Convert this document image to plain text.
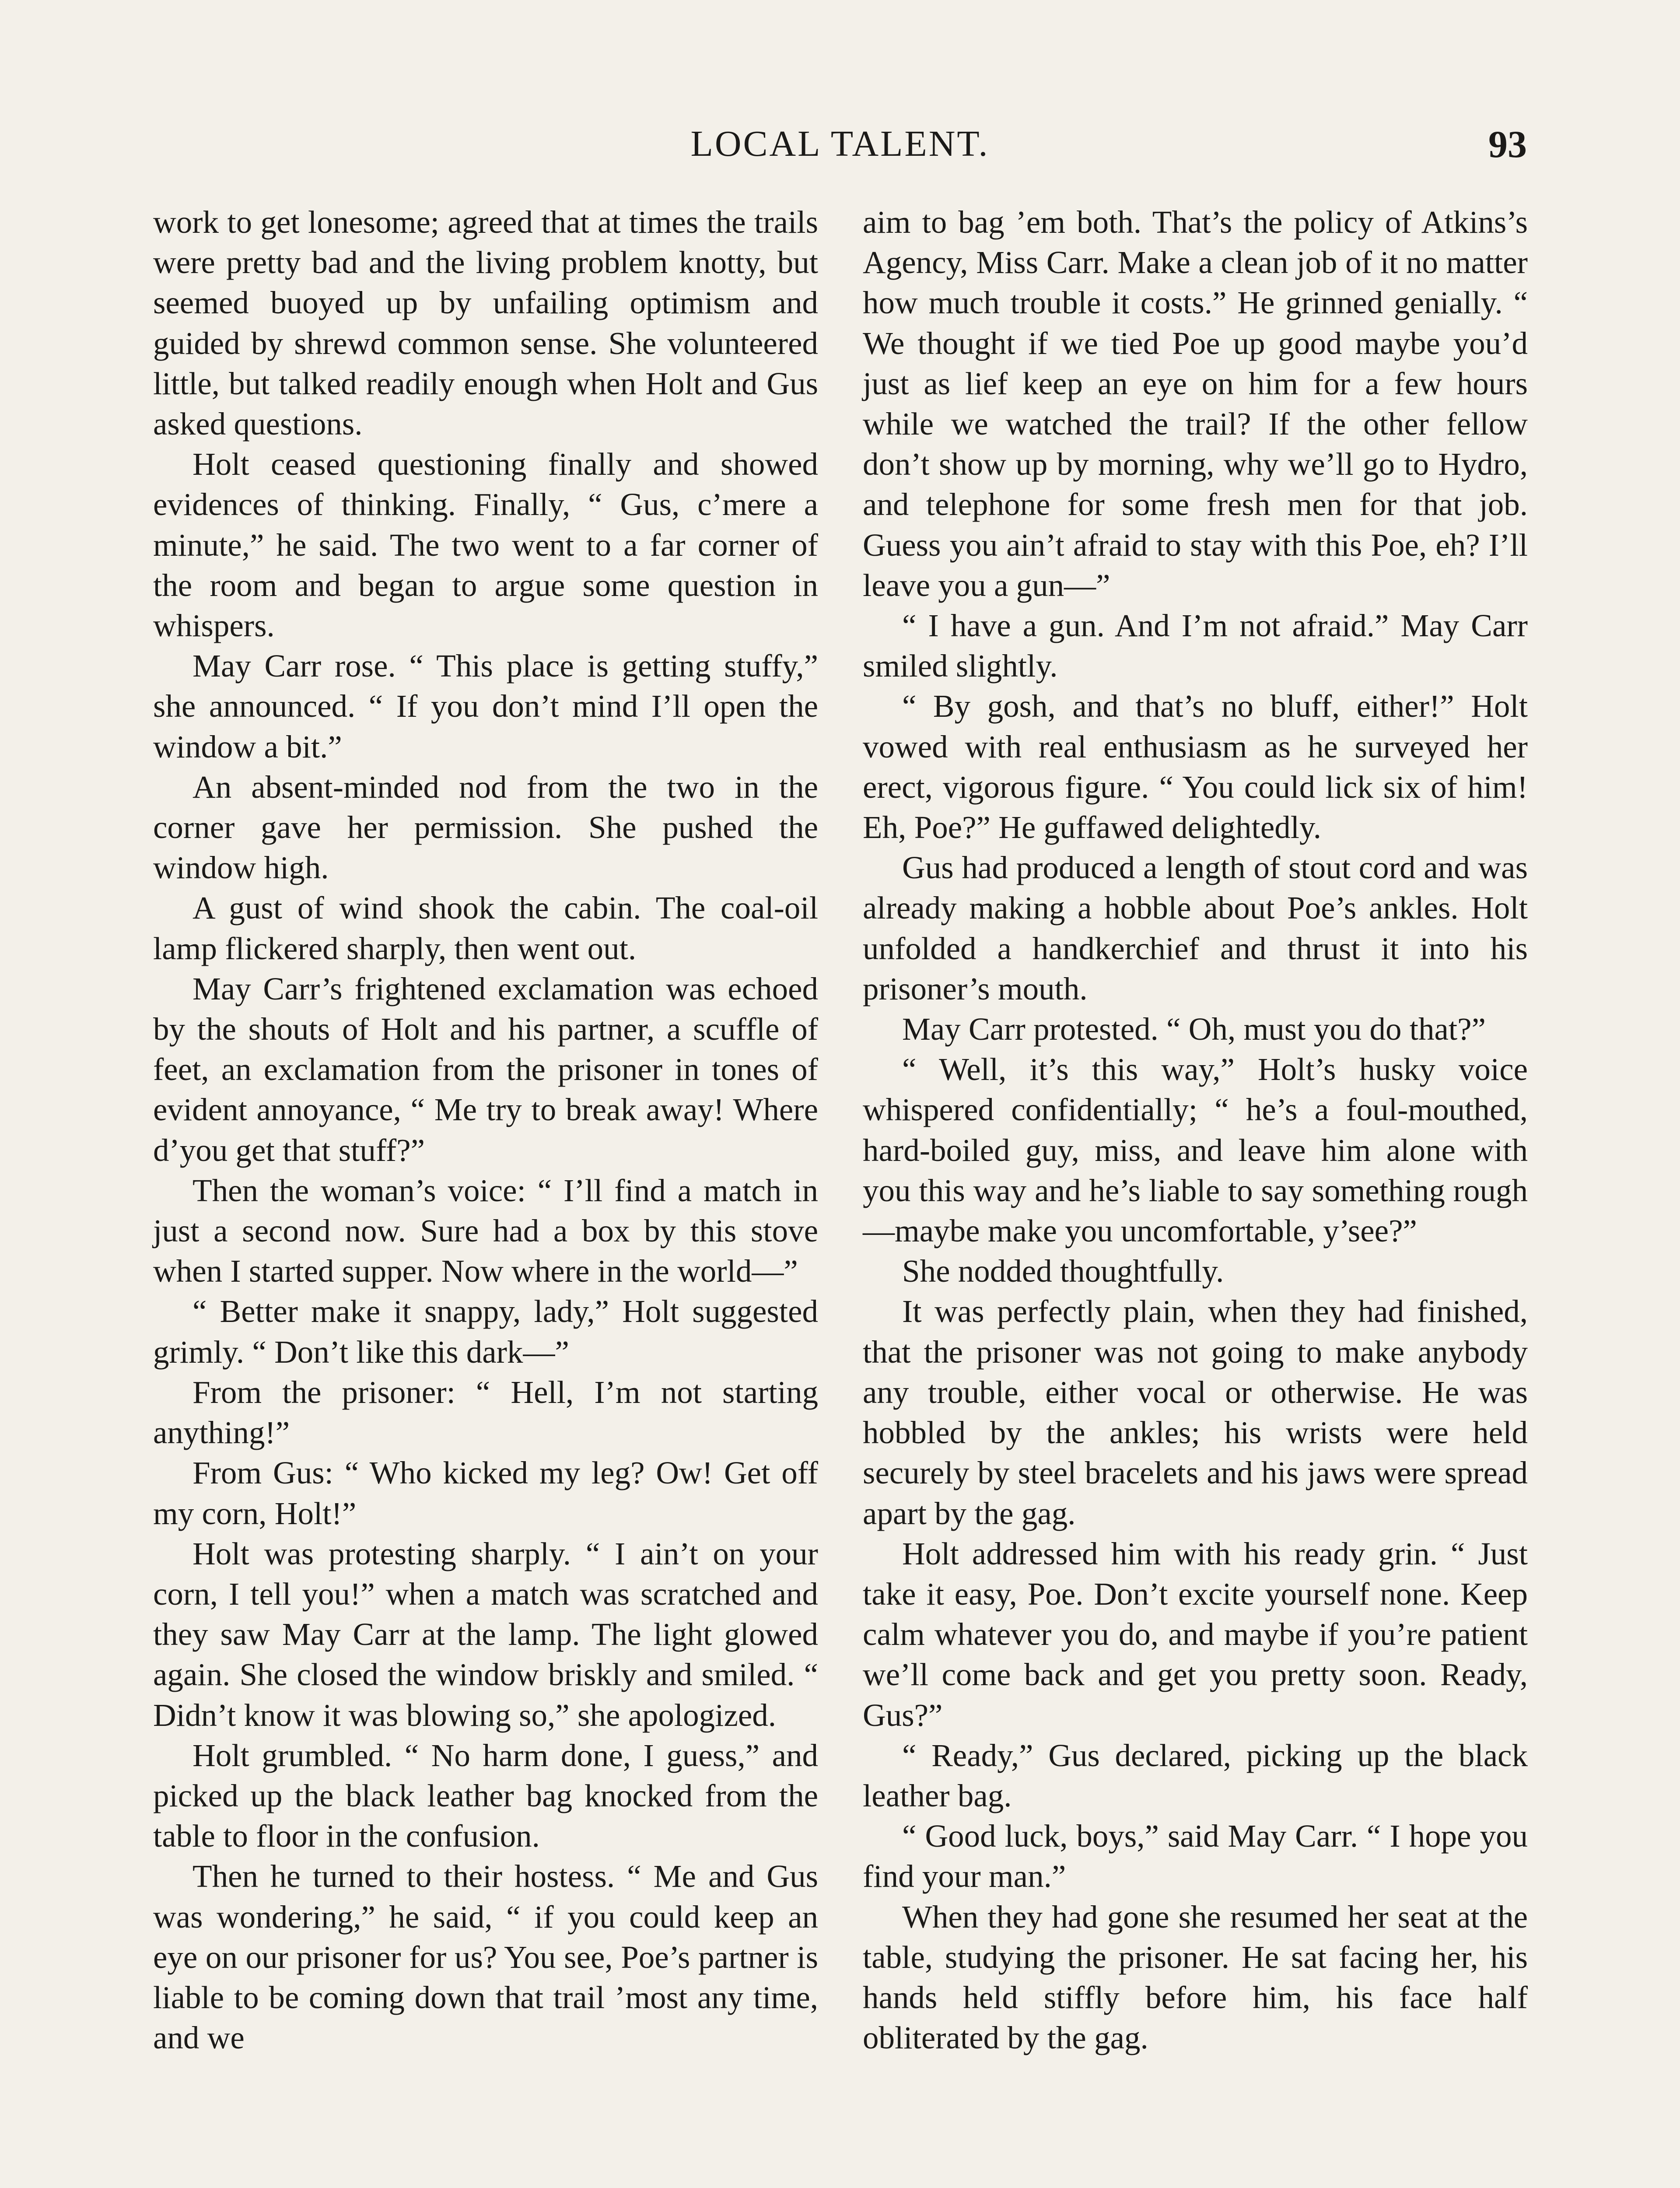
LOCAL TALENT.	93

work to get lonesome; agreed that at times the trails were pretty bad and the living problem knotty, but seemed buoyed up by unfailing optimism and guided by shrewd common sense. She volunteered little, but talked readily enough when Holt and Gus asked questions.

Holt ceased questioning finally and showed evidences of thinking. Finally, “ Gus, c’mere a minute,” he said. The two went to a far corner of the room and began to argue some question in whispers.

May Carr rose. “ This place is getting stuffy,” she announced. “ If you don’t mind I’ll open the window a bit.”

An absent-minded nod from the two in the corner gave her permission. She pushed the window high.

A gust of wind shook the cabin. The coal-oil lamp flickered sharply, then went out.

May Carr’s frightened exclamation was echoed by the shouts of Holt and his partner, a scuffle of feet, an exclamation from the prisoner in tones of evident annoyance, “ Me try to break away! Where d’you get that stuff?”

Then the woman’s voice: “ I’ll find a match in just a second now. Sure had a box by this stove when I started supper. Now where in the world—”

“ Better make it snappy, lady,” Holt suggested grimly. “ Don’t like this dark—”

From the prisoner: “ Hell, I’m not starting anything!”

From Gus: “ Who kicked my leg? Ow! Get off my corn, Holt!”

Holt was protesting sharply. “ I ain’t on your corn, I tell you!” when a match was scratched and they saw May Carr at the lamp. The light glowed again. She closed the window briskly and smiled. “ Didn’t know it was blowing so,” she apologized.

Holt grumbled. “ No harm done, I guess,” and picked up the black leather bag knocked from the table to floor in the confusion.

Then he turned to their hostess. “ Me and Gus was wondering,” he said, “ if you could keep an eye on our prisoner for us? You see, Poe’s partner is liable to be coming down that trail ’most any time, and we

aim to bag ’em both. That’s the policy of Atkins’s Agency, Miss Carr. Make a clean job of it no matter how much trouble it costs.” He grinned genially. “ We thought if we tied Poe up good maybe you’d just as lief keep an eye on him for a few hours while we watched the trail? If the other fellow don’t show up by morning, why we’ll go to Hydro, and telephone for some fresh men for that job. Guess you ain’t afraid to stay with this Poe, eh? I’ll leave you a gun—”

“ I have a gun. And I’m not afraid.” May Carr smiled slightly.

“ By gosh, and that’s no bluff, either!” Holt vowed with real enthusiasm as he surveyed her erect, vigorous figure. “ You could lick six of him! Eh, Poe?” He guffawed delightedly.

Gus had produced a length of stout cord and was already making a hobble about Poe’s ankles. Holt unfolded a handkerchief and thrust it into his prisoner’s mouth.

May Carr protested. “ Oh, must you do that?”

“ Well, it’s this way,” Holt’s husky voice whispered confidentially; “ he’s a foul-mouthed, hard-boiled guy, miss, and leave him alone with you this way and he’s liable to say something rough—maybe make you uncomfortable, y’see?”

She nodded thoughtfully.

It was perfectly plain, when they had finished, that the prisoner was not going to make anybody any trouble, either vocal or otherwise. He was hobbled by the ankles; his wrists were held securely by steel bracelets and his jaws were spread apart by the gag.

Holt addressed him with his ready grin. “ Just take it easy, Poe. Don’t excite yourself none. Keep calm whatever you do, and maybe if you’re patient we’ll come back and get you pretty soon. Ready, Gus?”

“ Ready,” Gus declared, picking up the black leather bag.

“ Good luck, boys,” said May Carr. “ I hope you find your man.”

When they had gone she resumed her seat at the table, studying the prisoner. He sat facing her, his hands held stiffly before him, his face half obliterated by the gag.
